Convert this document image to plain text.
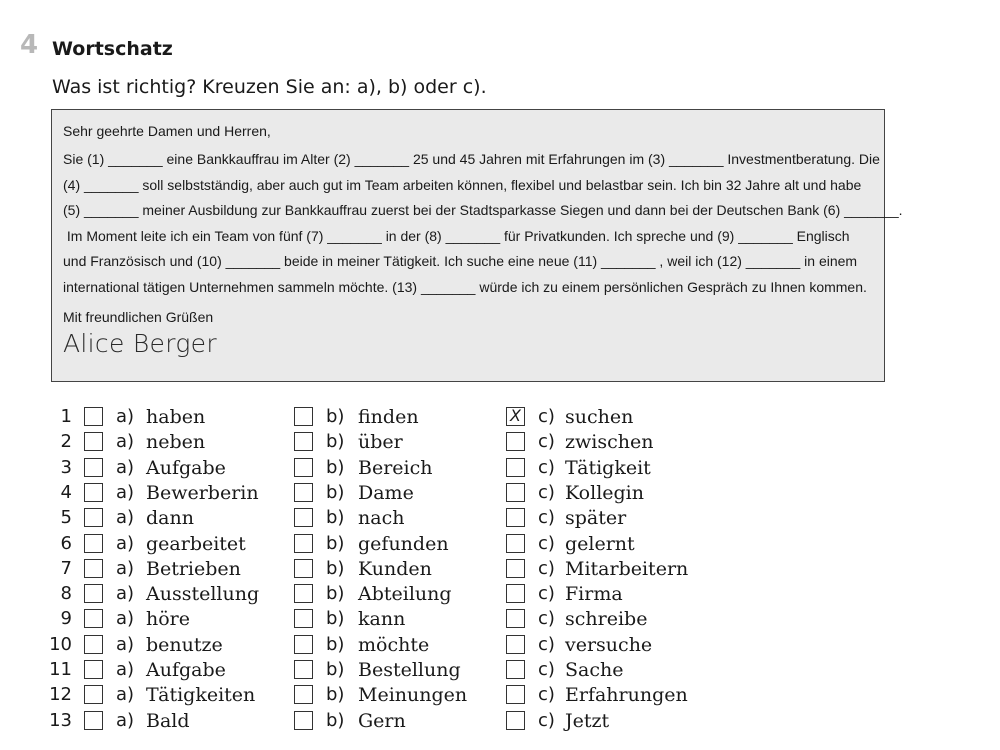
4 Wortschatz
Was ist richtig? Kreuzen Sie an: a), b) oder c).
Sehr geehrte Damen und Herren,
Sie (1) _______ eine Bankkauffrau im Alter (2) _______ 25 und 45 Jahren mit Erfahrungen im (3) _______ Investmentberatung. Die
(4) _______ soll selbstständig, aber auch gut im Team arbeiten können, flexibel und belastbar sein. Ich bin 32 Jahre alt und habe
(5) _______ meiner Ausbildung zur Bankkauffrau zuerst bei der Stadtsparkasse Siegen und dann bei der Deutschen Bank (6) _______.
Im Moment leite ich ein Team von fünf (7) _______ in der (8) _______ für Privatkunden. Ich spreche und (9) _______ Englisch
und Französisch und (10) _______ beide in meiner Tätigkeit. Ich suche eine neue (11) _______ , weil ich (12) _______ in einem
international tätigen Unternehmen sammeln möchte. (13) _______ würde ich zu einem persönlichen Gespräch zu Ihnen kommen.
Mit freundlichen Grüßen
Alice Berger
1 a) haben	b) finden	X c) suchen
2 a) neben	b) über	c) zwischen
3 a) Aufgabe	b) Bereich	c) Tätigkeit
4 a) Bewerberin	b) Dame	c) Kollegin
5 a) dann	b) nach	c) später
6 a) gearbeitet	b) gefunden	c) gelernt
7 a) Betrieben	b) Kunden	c) Mitarbeitern
8 a) Ausstellung	b) Abteilung	c) Firma
9 a) höre	b) kann	c) schreibe
10 a) benutze	b) möchte	c) versuche
11 a) Aufgabe	b) Bestellung	c) Sache
12 a) Tätigkeiten	b) Meinungen	c) Erfahrungen
13 a) Bald	b) Gern	c) Jetzt
